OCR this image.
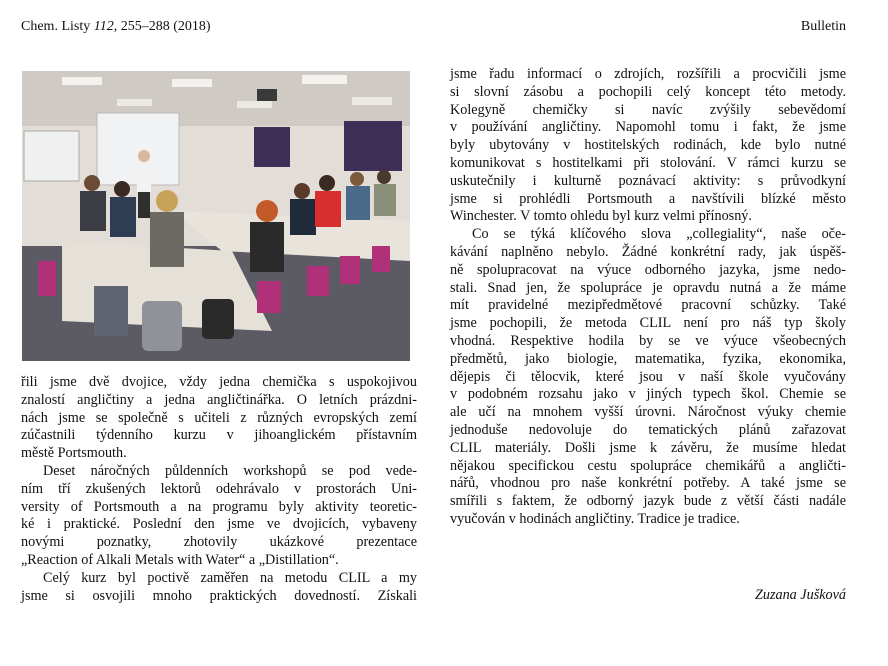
Chem. Listy 112, 255–288 (2018)	Bulletin

řili jsme dvě dvojice, vždy jedna chemička s uspokojivou

znalostí angličtiny a jedna angličtinářka. O letních prázdni-

nách jsme se společně s učiteli z různých evropských zemí

zúčastnili týdenního kurzu v jihoanglickém přístavním

městě Portsmouth.

Deset náročných půldenních workshopů se pod vede-

ním tří zkušených lektorů odehrávalo v prostorách Uni-

versity of Portsmouth a na programu byly aktivity teoretic-

ké i praktické. Poslední den jsme ve dvojicích, vybaveny

novými poznatky, zhotovily ukázkové prezentace

„Reaction of Alkali Metals with Water“ a „Distillation“.

Celý kurz byl poctivě zaměřen na metodu CLIL a my

jsme si osvojili mnoho praktických dovedností. Získali

jsme řadu informací o zdrojích, rozšířili a procvičili jsme

si slovní zásobu a pochopili celý koncept této metody.

Kolegyně chemičky si navíc zvýšily sebevědomí

v používání angličtiny. Napomohl tomu i fakt, že jsme

byly ubytovány v hostitelských rodinách, kde bylo nutné

komunikovat s hostitelkami při stolování. V rámci kurzu se

uskutečnily i kulturně poznávací aktivity: s průvodkyní

jsme si prohlédli Portsmouth a navštívili blízké město

Winchester. V tomto ohledu byl kurz velmi přínosný.

Co se týká klíčového slova „collegiality“, naše oče-

kávání naplněno nebylo. Žádné konkrétní rady, jak úspěš-

ně spolupracovat na výuce odborného jazyka, jsme nedo-

stali. Snad jen, že spolupráce je opravdu nutná a že máme

mít pravidelné mezipředmětové pracovní schůzky. Také

jsme pochopili, že metoda CLIL není pro náš typ školy

vhodná. Respektive hodila by se ve výuce všeobecných

předmětů, jako biologie, matematika, fyzika, ekonomika,

dějepis či tělocvik, které jsou v naší škole vyučovány

v podobném rozsahu jako v jiných typech škol. Chemie se

ale učí na mnohem vyšší úrovni. Náročnost výuky chemie

jednoduše nedovoluje do tematických plánů zařazovat

CLIL materiály. Došli jsme k závěru, že musíme hledat

nějakou specifickou cestu spolupráce chemikářů a angličti-

nářů, vhodnou pro naše konkrétní potřeby. A také jsme se

smířili s faktem, že odborný jazyk bude z větší části nadále

vyučován v hodinách angličtiny. Tradice je tradice.

Zuzana Jušková
